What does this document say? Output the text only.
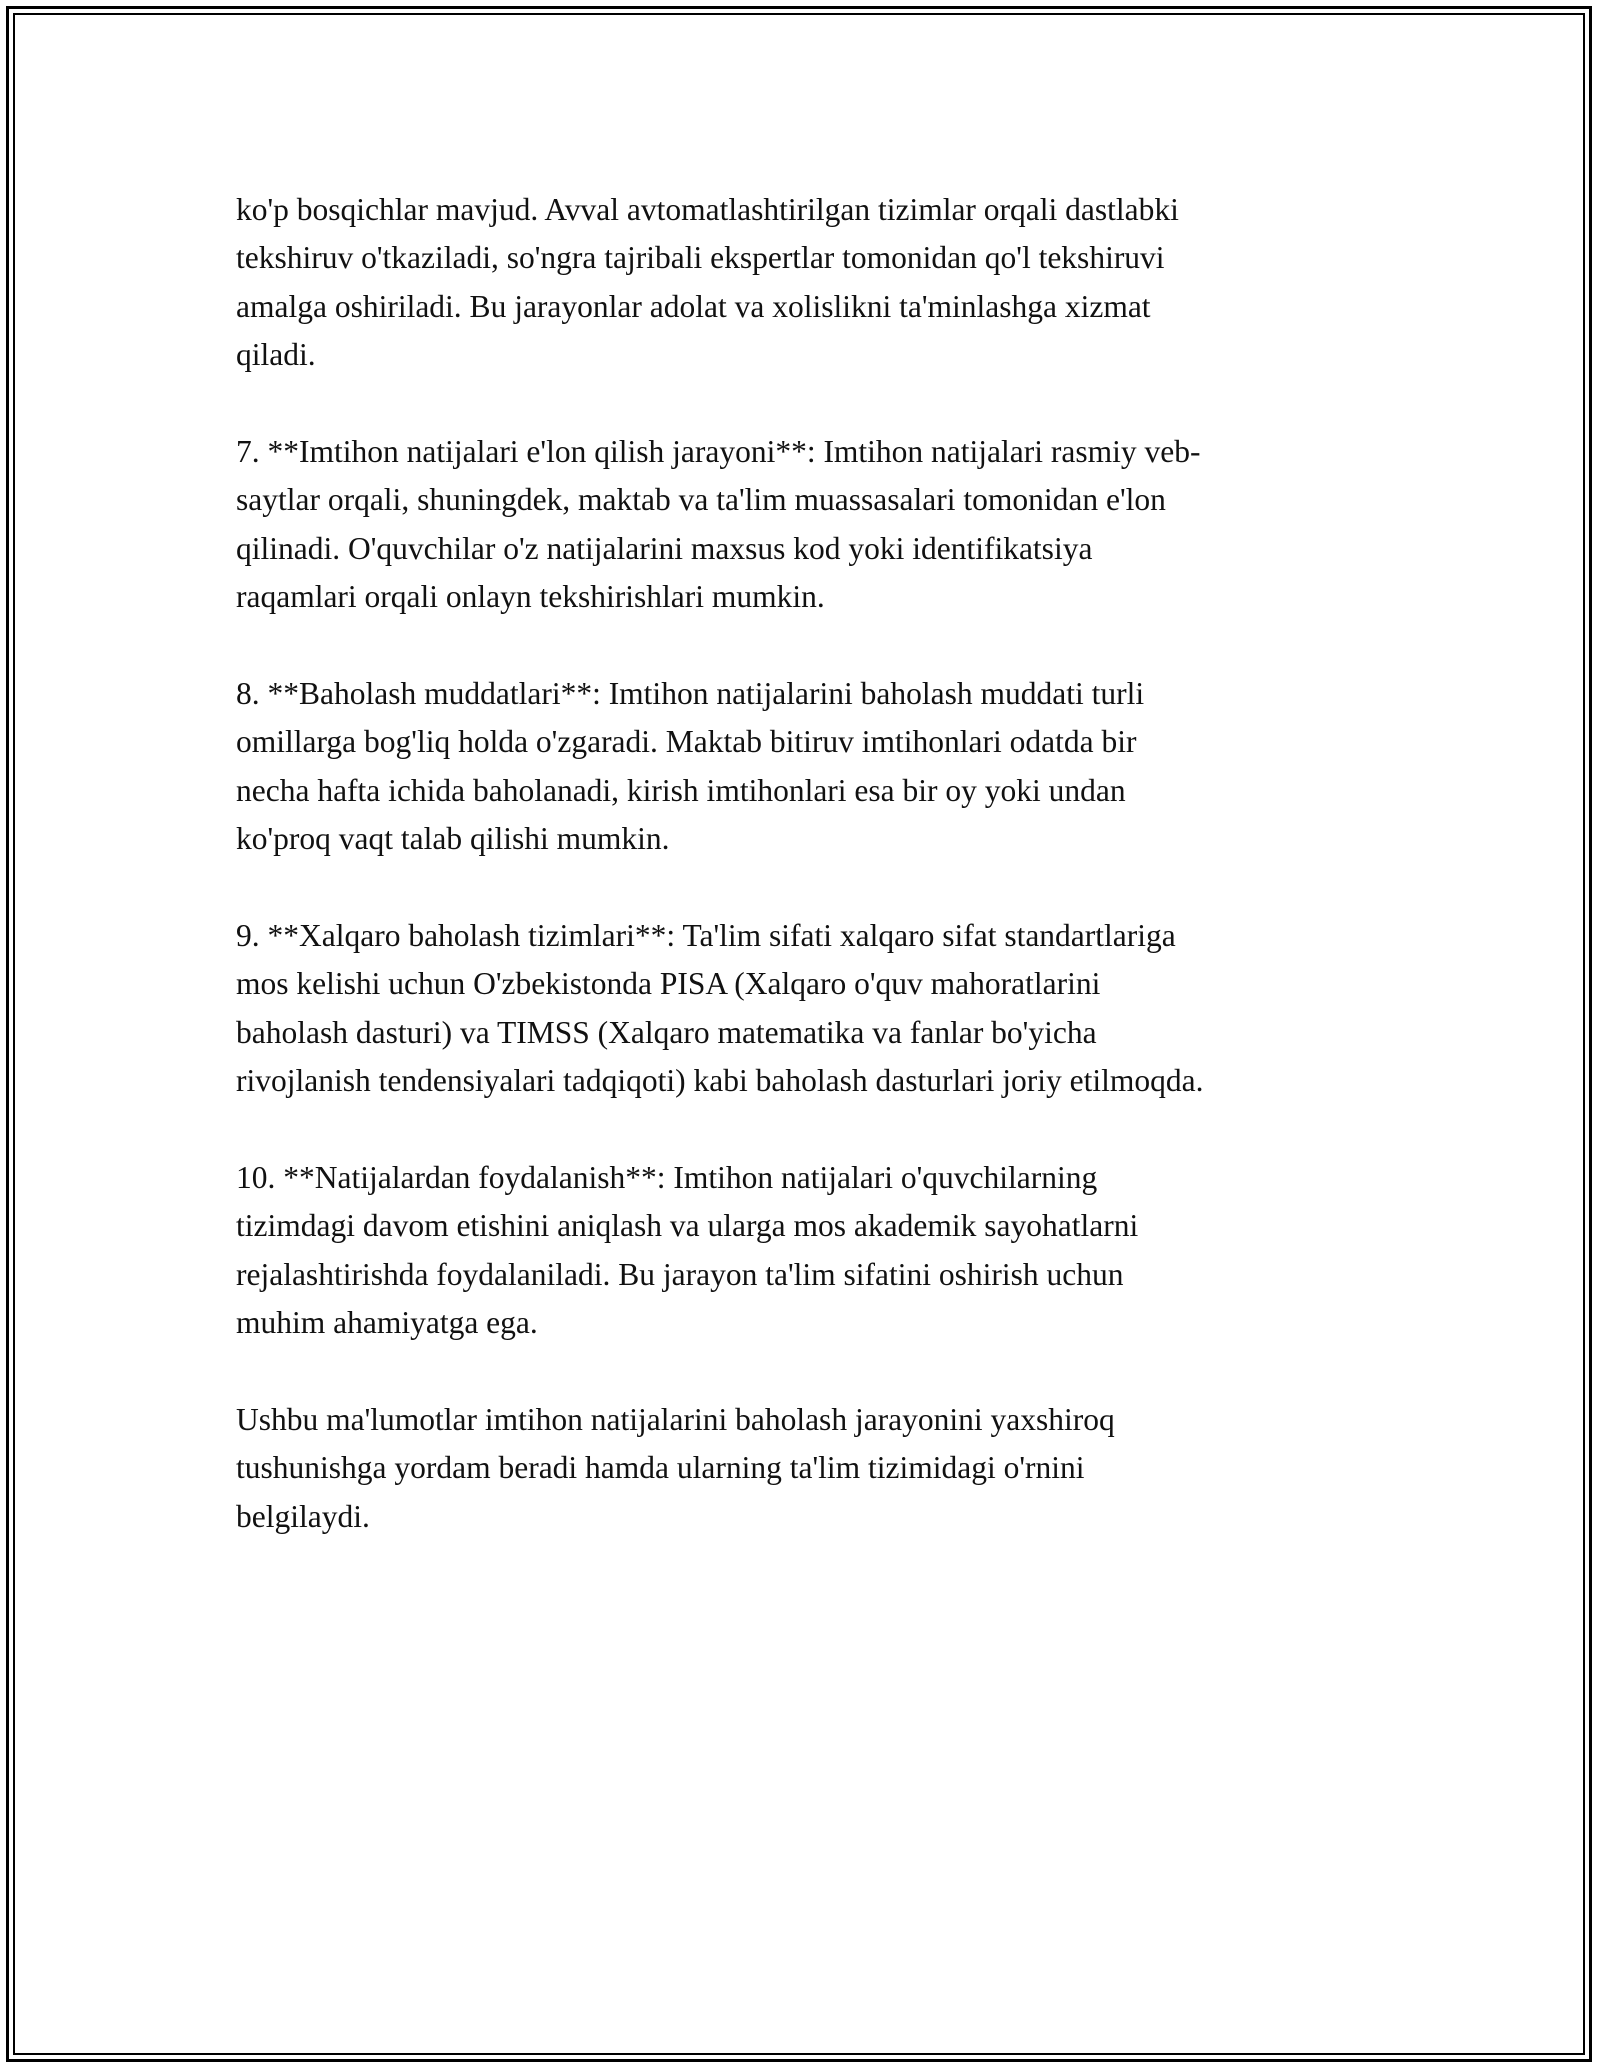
ko'p bosqichlar mavjud. Avval avtomatlashtirilgan tizimlar orqali dastlabki
tekshiruv o'tkaziladi, so'ngra tajribali ekspertlar tomonidan qo'l tekshiruvi
amalga oshiriladi. Bu jarayonlar adolat va xolislikni ta'minlashga xizmat
qiladi.

7. **Imtihon natijalari e'lon qilish jarayoni**: Imtihon natijalari rasmiy veb-
saytlar orqali, shuningdek, maktab va ta'lim muassasalari tomonidan e'lon
qilinadi. O'quvchilar o'z natijalarini maxsus kod yoki identifikatsiya
raqamlari orqali onlayn tekshirishlari mumkin.

8. **Baholash muddatlari**: Imtihon natijalarini baholash muddati turli
omillarga bog'liq holda o'zgaradi. Maktab bitiruv imtihonlari odatda bir
necha hafta ichida baholanadi, kirish imtihonlari esa bir oy yoki undan
ko'proq vaqt talab qilishi mumkin.

9. **Xalqaro baholash tizimlari**: Ta'lim sifati xalqaro sifat standartlariga
mos kelishi uchun O'zbekistonda PISA (Xalqaro o'quv mahoratlarini
baholash dasturi) va TIMSS (Xalqaro matematika va fanlar bo'yicha
rivojlanish tendensiyalari tadqiqoti) kabi baholash dasturlari joriy etilmoqda.

10. **Natijalardan foydalanish**: Imtihon natijalari o'quvchilarning
tizimdagi davom etishini aniqlash va ularga mos akademik sayohatlarni
rejalashtirishda foydalaniladi. Bu jarayon ta'lim sifatini oshirish uchun
muhim ahamiyatga ega.

Ushbu ma'lumotlar imtihon natijalarini baholash jarayonini yaxshiroq
tushunishga yordam beradi hamda ularning ta'lim tizimidagi o'rnini
belgilaydi.
